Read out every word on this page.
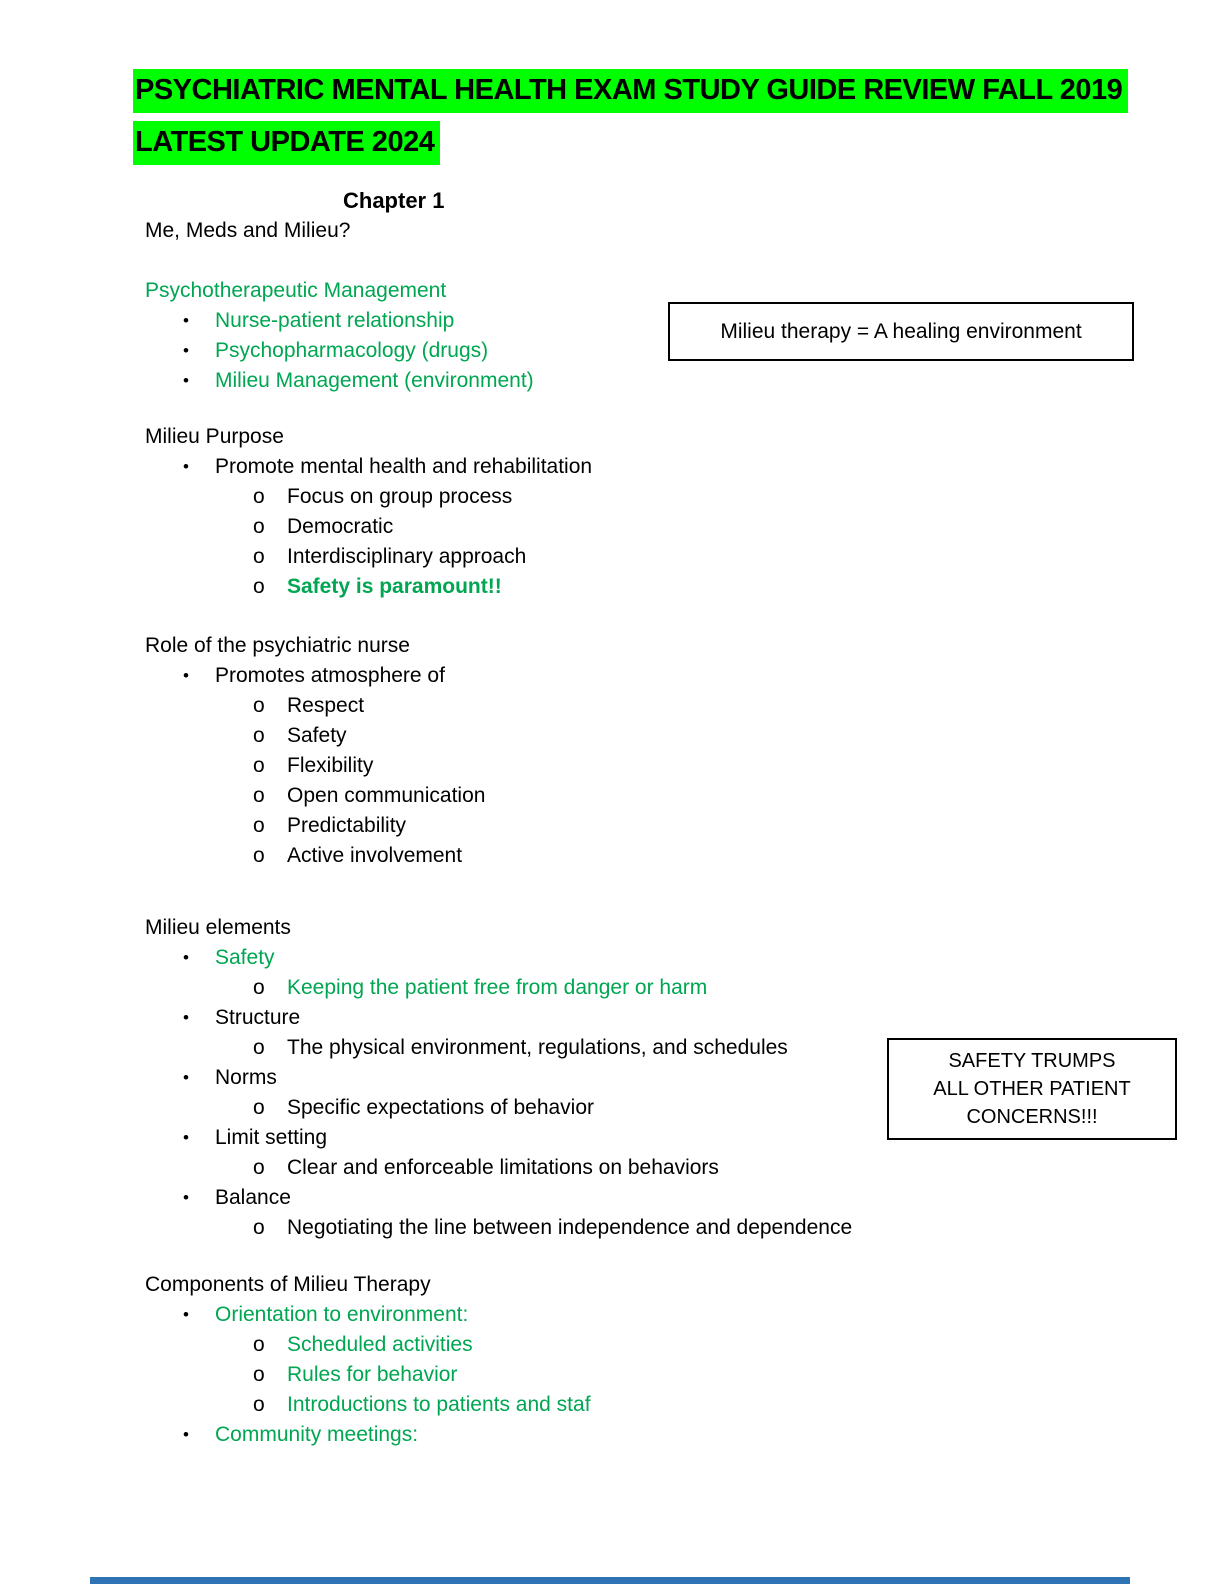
PSYCHIATRIC MENTAL HEALTH EXAM STUDY GUIDE REVIEW FALL 2019 LATEST UPDATE 2024
Chapter 1
Me, Meds and Milieu?
Psychotherapeutic Management
•	Nurse-patient relationship
•	Psychopharmacology (drugs)
•	Milieu Management (environment)
Milieu Purpose
•	Promote mental health and rehabilitation
o	Focus on group process
o	Democratic
o	Interdisciplinary approach
o	Safety is paramount!!
Role of the psychiatric nurse
•	Promotes atmosphere of
o	Respect
o	Safety
o	Flexibility
o	Open communication
o	Predictability
o	Active involvement
Milieu elements
•	Safety
o	Keeping the patient free from danger or harm
•	Structure
o	The physical environment, regulations, and schedules
•	Norms
o	Specific expectations of behavior
•	Limit setting
o	Clear and enforceable limitations on behaviors
•	Balance
o	Negotiating the line between independence and dependence
Components of Milieu Therapy
•	Orientation to environment:
o	Scheduled activities
o	Rules for behavior
o	Introductions to patients and staf
•	Community meetings:
Milieu therapy = A healing environment
SAFETY TRUMPS
ALL OTHER PATIENT
CONCERNS!!!
